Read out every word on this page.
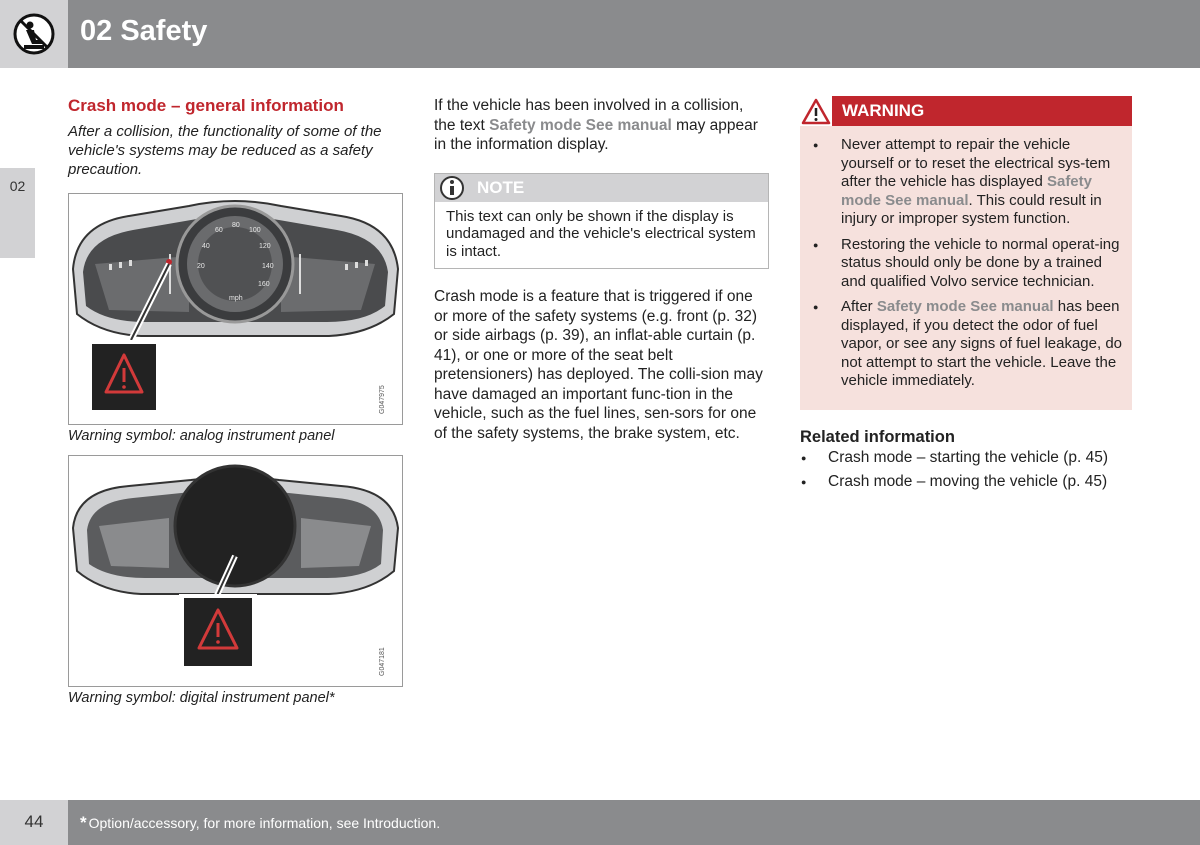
02 Safety
02
Crash mode – general information
After a collision, the functionality of some of the vehicle's systems may be reduced as a safety precaution.
20
40
60
80
100
120
140
160
mph
G047975
Warning symbol: analog instrument panel
G047181
Warning symbol: digital instrument panel*

If the vehicle has been involved in a collision, the text Safety mode See manual may appear in the information display.

NOTE
This text can only be shown if the display is undamaged and the vehicle's electrical system is intact.

Crash mode is a feature that is triggered if one or more of the safety systems (e.g. front (p. 32) or side airbags (p. 39), an inflat-able curtain (p. 41), or one or more of the seat belt pretensioners) has deployed. The colli-sion may have damaged an important func-tion in the vehicle, such as the fuel lines, sen-sors for one of the safety systems, the brake system, etc.

WARNING
● Never attempt to repair the vehicle yourself or to reset the electrical sys-tem after the vehicle has displayed Safety mode See manual. This could result in injury or improper system function.
● Restoring the vehicle to normal operat-ing status should only be done by a trained and qualified Volvo service technician.
● After Safety mode See manual has been displayed, if you detect the odor of fuel vapor, or see any signs of fuel leakage, do not attempt to start the vehicle. Leave the vehicle immediately.
Related information
● Crash mode – starting the vehicle (p. 45)
● Crash mode – moving the vehicle (p. 45)
44	* Option/accessory, for more information, see Introduction.
